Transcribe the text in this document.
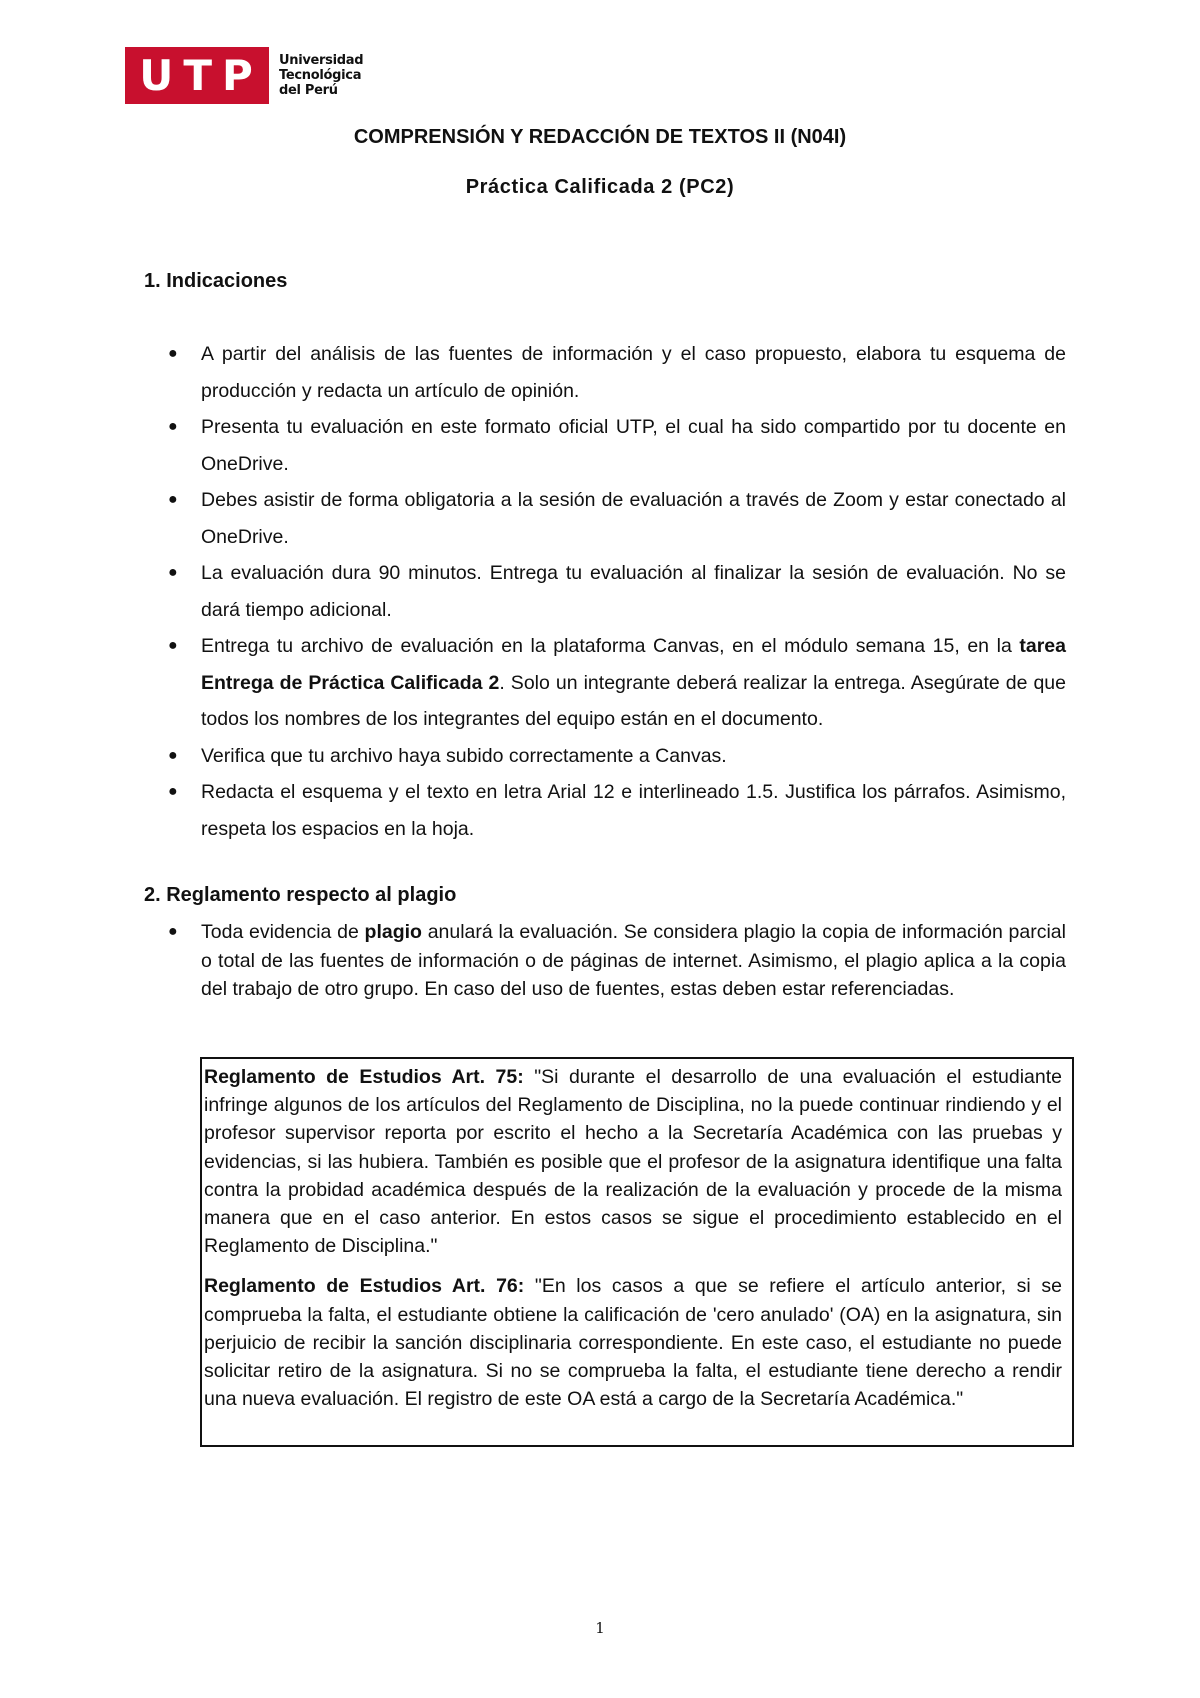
UTP	Universidad
Tecnológica
del Perú
COMPRENSIÓN Y REDACCIÓN DE TEXTOS II (N04I)
Práctica Calificada 2 (PC2)
1. Indicaciones
● A partir del análisis de las fuentes de información y el caso propuesto, elabora tu esquema de producción y redacta un artículo de opinión.
● Presenta tu evaluación en este formato oficial UTP, el cual ha sido compartido por tu docente en OneDrive.
● Debes asistir de forma obligatoria a la sesión de evaluación a través de Zoom y estar conectado al OneDrive.
● La evaluación dura 90 minutos. Entrega tu evaluación al finalizar la sesión de evaluación. No se dará tiempo adicional.
● Entrega tu archivo de evaluación en la plataforma Canvas, en el módulo semana 15, en la tarea Entrega de Práctica Calificada 2. Solo un integrante deberá realizar la entrega. Asegúrate de que todos los nombres de los integrantes del equipo están en el documento.
● Verifica que tu archivo haya subido correctamente a Canvas.
● Redacta el esquema y el texto en letra Arial 12 e interlineado 1.5. Justifica los párrafos. Asimismo, respeta los espacios en la hoja.
2. Reglamento respecto al plagio
● Toda evidencia de plagio anulará la evaluación. Se considera plagio la copia de información parcial o total de las fuentes de información o de páginas de internet. Asimismo, el plagio aplica a la copia del trabajo de otro grupo. En caso del uso de fuentes, estas deben estar referenciadas.

Reglamento de Estudios Art. 75: "Si durante el desarrollo de una evaluación el estudiante infringe algunos de los artículos del Reglamento de Disciplina, no la puede continuar rindiendo y el profesor supervisor reporta por escrito el hecho a la Secretaría Académica con las pruebas y evidencias, si las hubiera. También es posible que el profesor de la asignatura identifique una falta contra la probidad académica después de la realización de la evaluación y procede de la misma manera que en el caso anterior. En estos casos se sigue el procedimiento establecido en el Reglamento de Disciplina."

Reglamento de Estudios Art. 76: "En los casos a que se refiere el artículo anterior, si se comprueba la falta, el estudiante obtiene la calificación de 'cero anulado' (OA) en la asignatura, sin perjuicio de recibir la sanción disciplinaria correspondiente. En este caso, el estudiante no puede solicitar retiro de la asignatura. Si no se comprueba la falta, el estudiante tiene derecho a rendir una nueva evaluación. El registro de este OA está a cargo de la Secretaría Académica."

1
